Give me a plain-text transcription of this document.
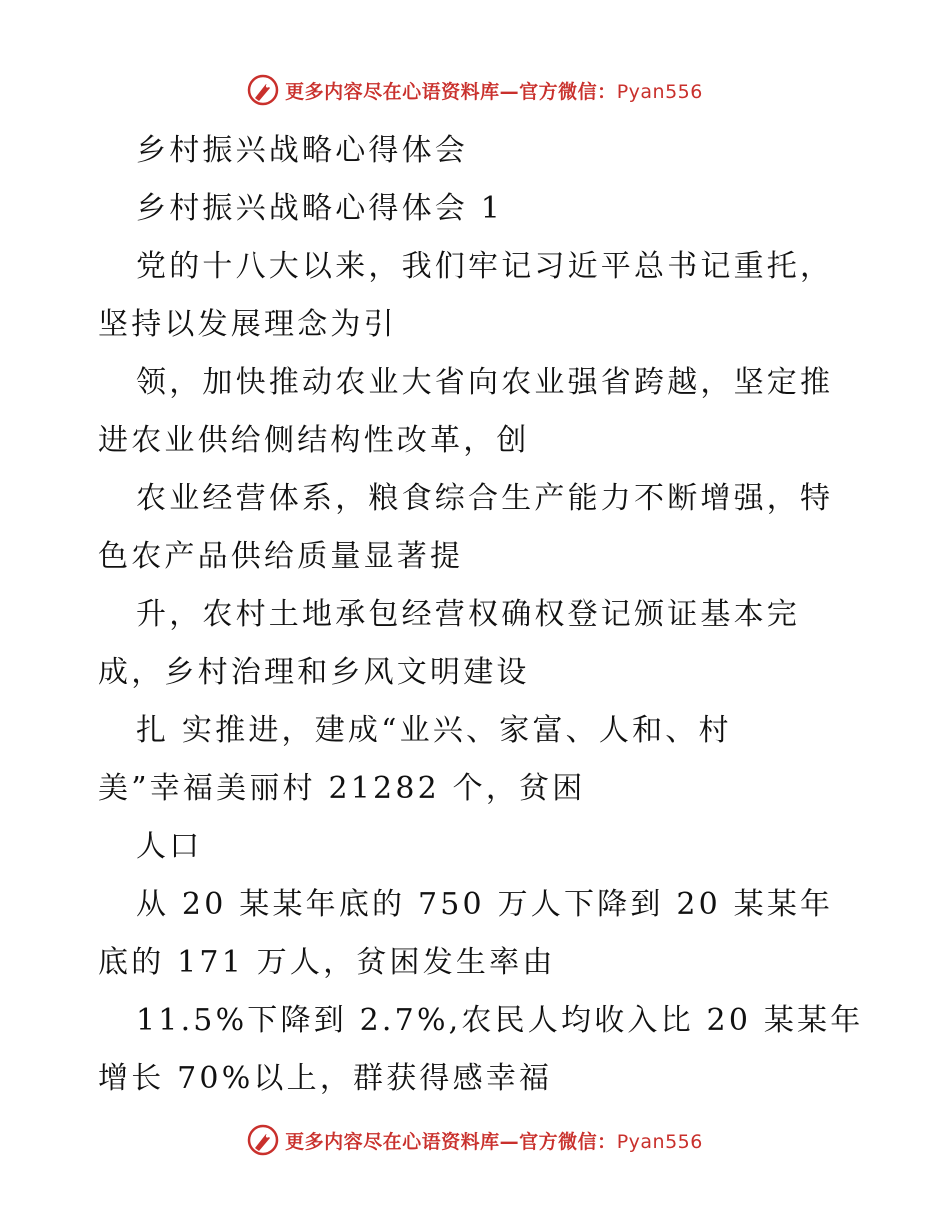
更多内容尽在心语资料库—官方微信：Pyan556
乡村振兴战略心得体会
乡村振兴战略心得体会 1
党的十八大以来，我们牢记习近平总书记重托，
坚持以发展理念为引
领，加快推动农业大省向农业强省跨越，坚定推
进农业供给侧结构性改革，创
农业经营体系，粮食综合生产能力不断增强，特
色农产品供给质量显著提
升，农村土地承包经营权确权登记颁证基本完
成，乡村治理和乡风文明建设
扎 实推进，建成“业兴、家富、人和、村
美”幸福美丽村 21282 个，贫困
人口
从 20 某某年底的 750 万人下降到 20 某某年
底的 171 万人，贫困发生率由
11.5%下降到 2.7%,农民人均收入比 20 某某年
增长 70%以上，群获得感幸福
更多内容尽在心语资料库—官方微信：Pyan556
